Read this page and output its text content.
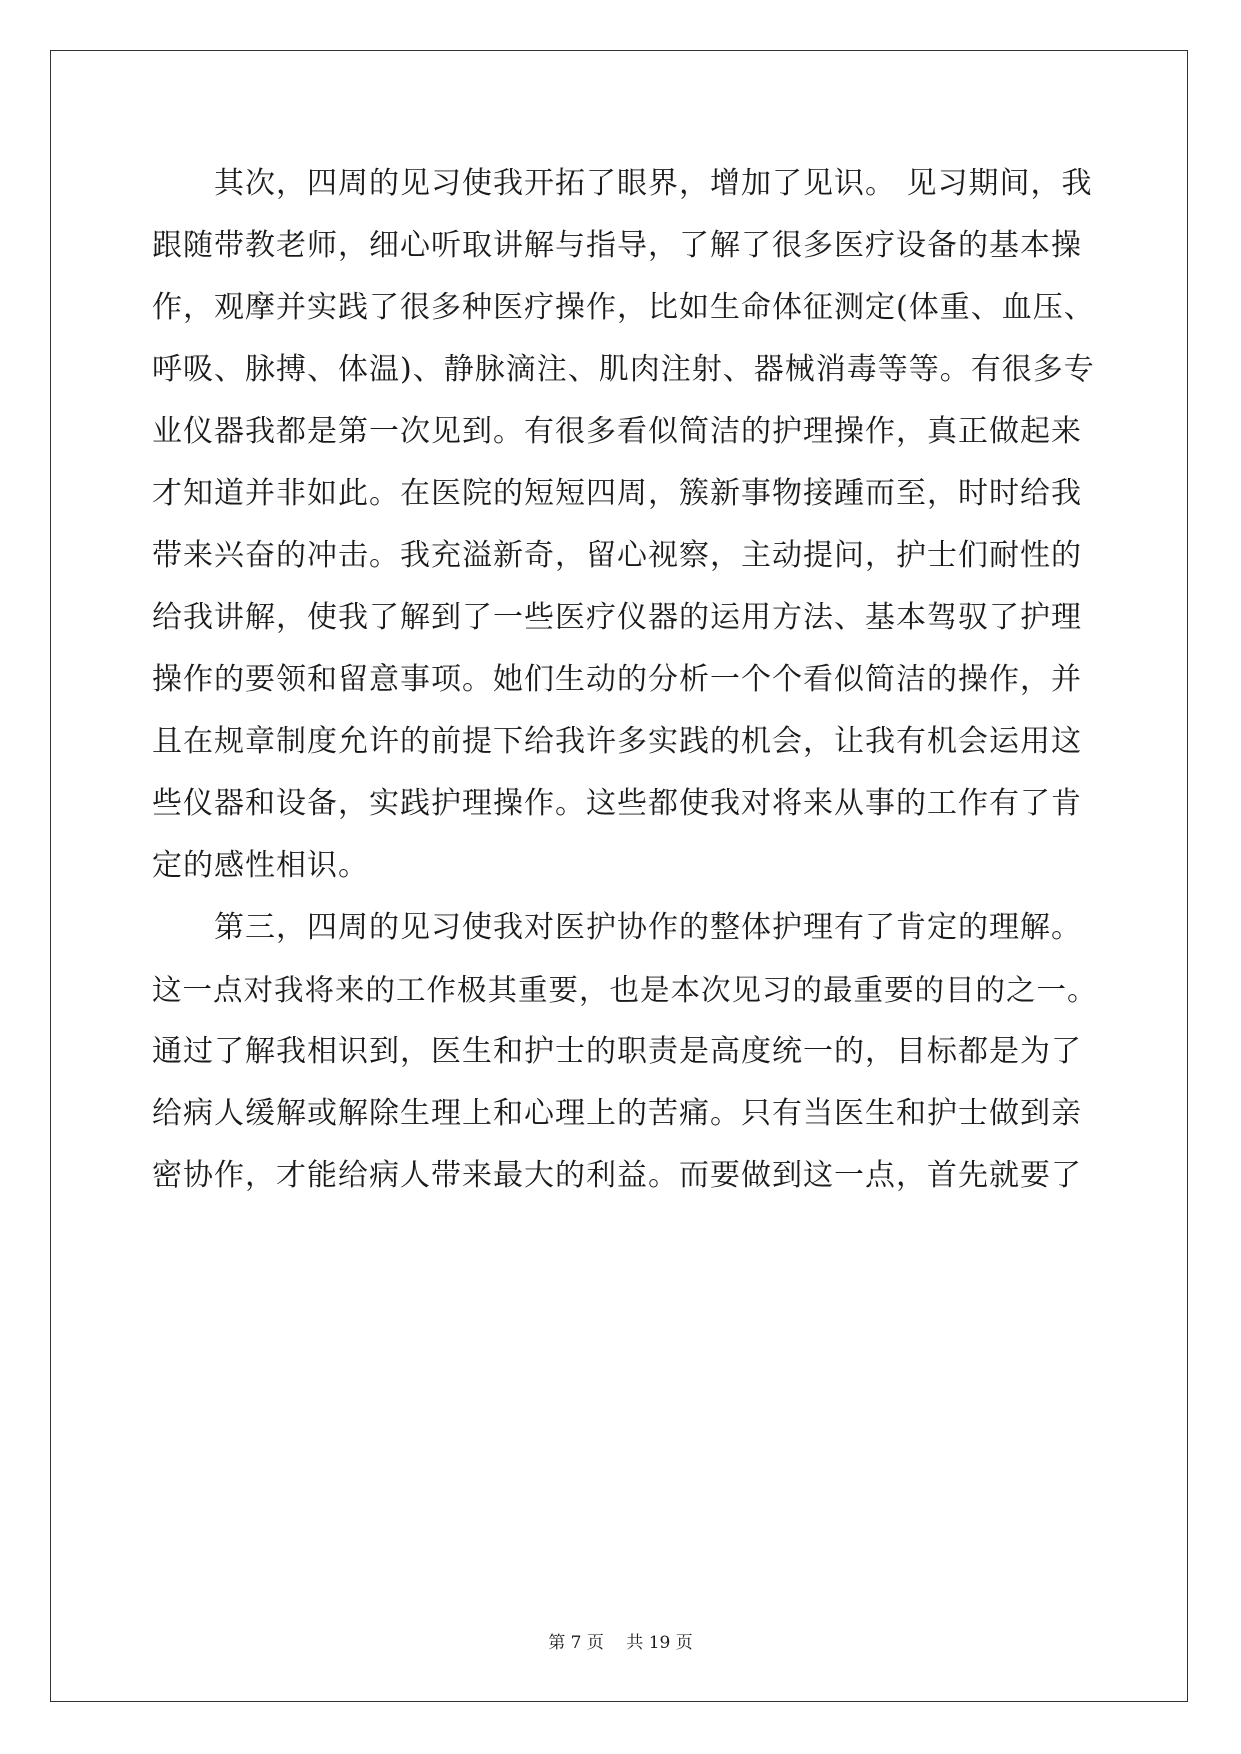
　　其次，四周的见习使我开拓了眼界，增加了见识。 见习期间，我
跟随带教老师，细心听取讲解与指导，了解了很多医疗设备的基本操
作，观摩并实践了很多种医疗操作，比如生命体征测定(体重、血压、
呼吸、脉搏、体温)、静脉滴注、肌肉注射、器械消毒等等。有很多专
业仪器我都是第一次见到。有很多看似简洁的护理操作，真正做起来
才知道并非如此。在医院的短短四周，簇新事物接踵而至，时时给我
带来兴奋的冲击。我充溢新奇，留心视察，主动提问，护士们耐性的
给我讲解，使我了解到了一些医疗仪器的运用方法、基本驾驭了护理
操作的要领和留意事项。她们生动的分析一个个看似简洁的操作，并
且在规章制度允许的前提下给我许多实践的机会，让我有机会运用这
些仪器和设备，实践护理操作。这些都使我对将来从事的工作有了肯
定的感性相识。
　　第三，四周的见习使我对医护协作的整体护理有了肯定的理解。
这一点对我将来的工作极其重要，也是本次见习的最重要的目的之一。
通过了解我相识到，医生和护士的职责是高度统一的，目标都是为了
给病人缓解或解除生理上和心理上的苦痛。只有当医生和护士做到亲
密协作，才能给病人带来最大的利益。而要做到这一点，首先就要了
第 7 页　 共 19 页
